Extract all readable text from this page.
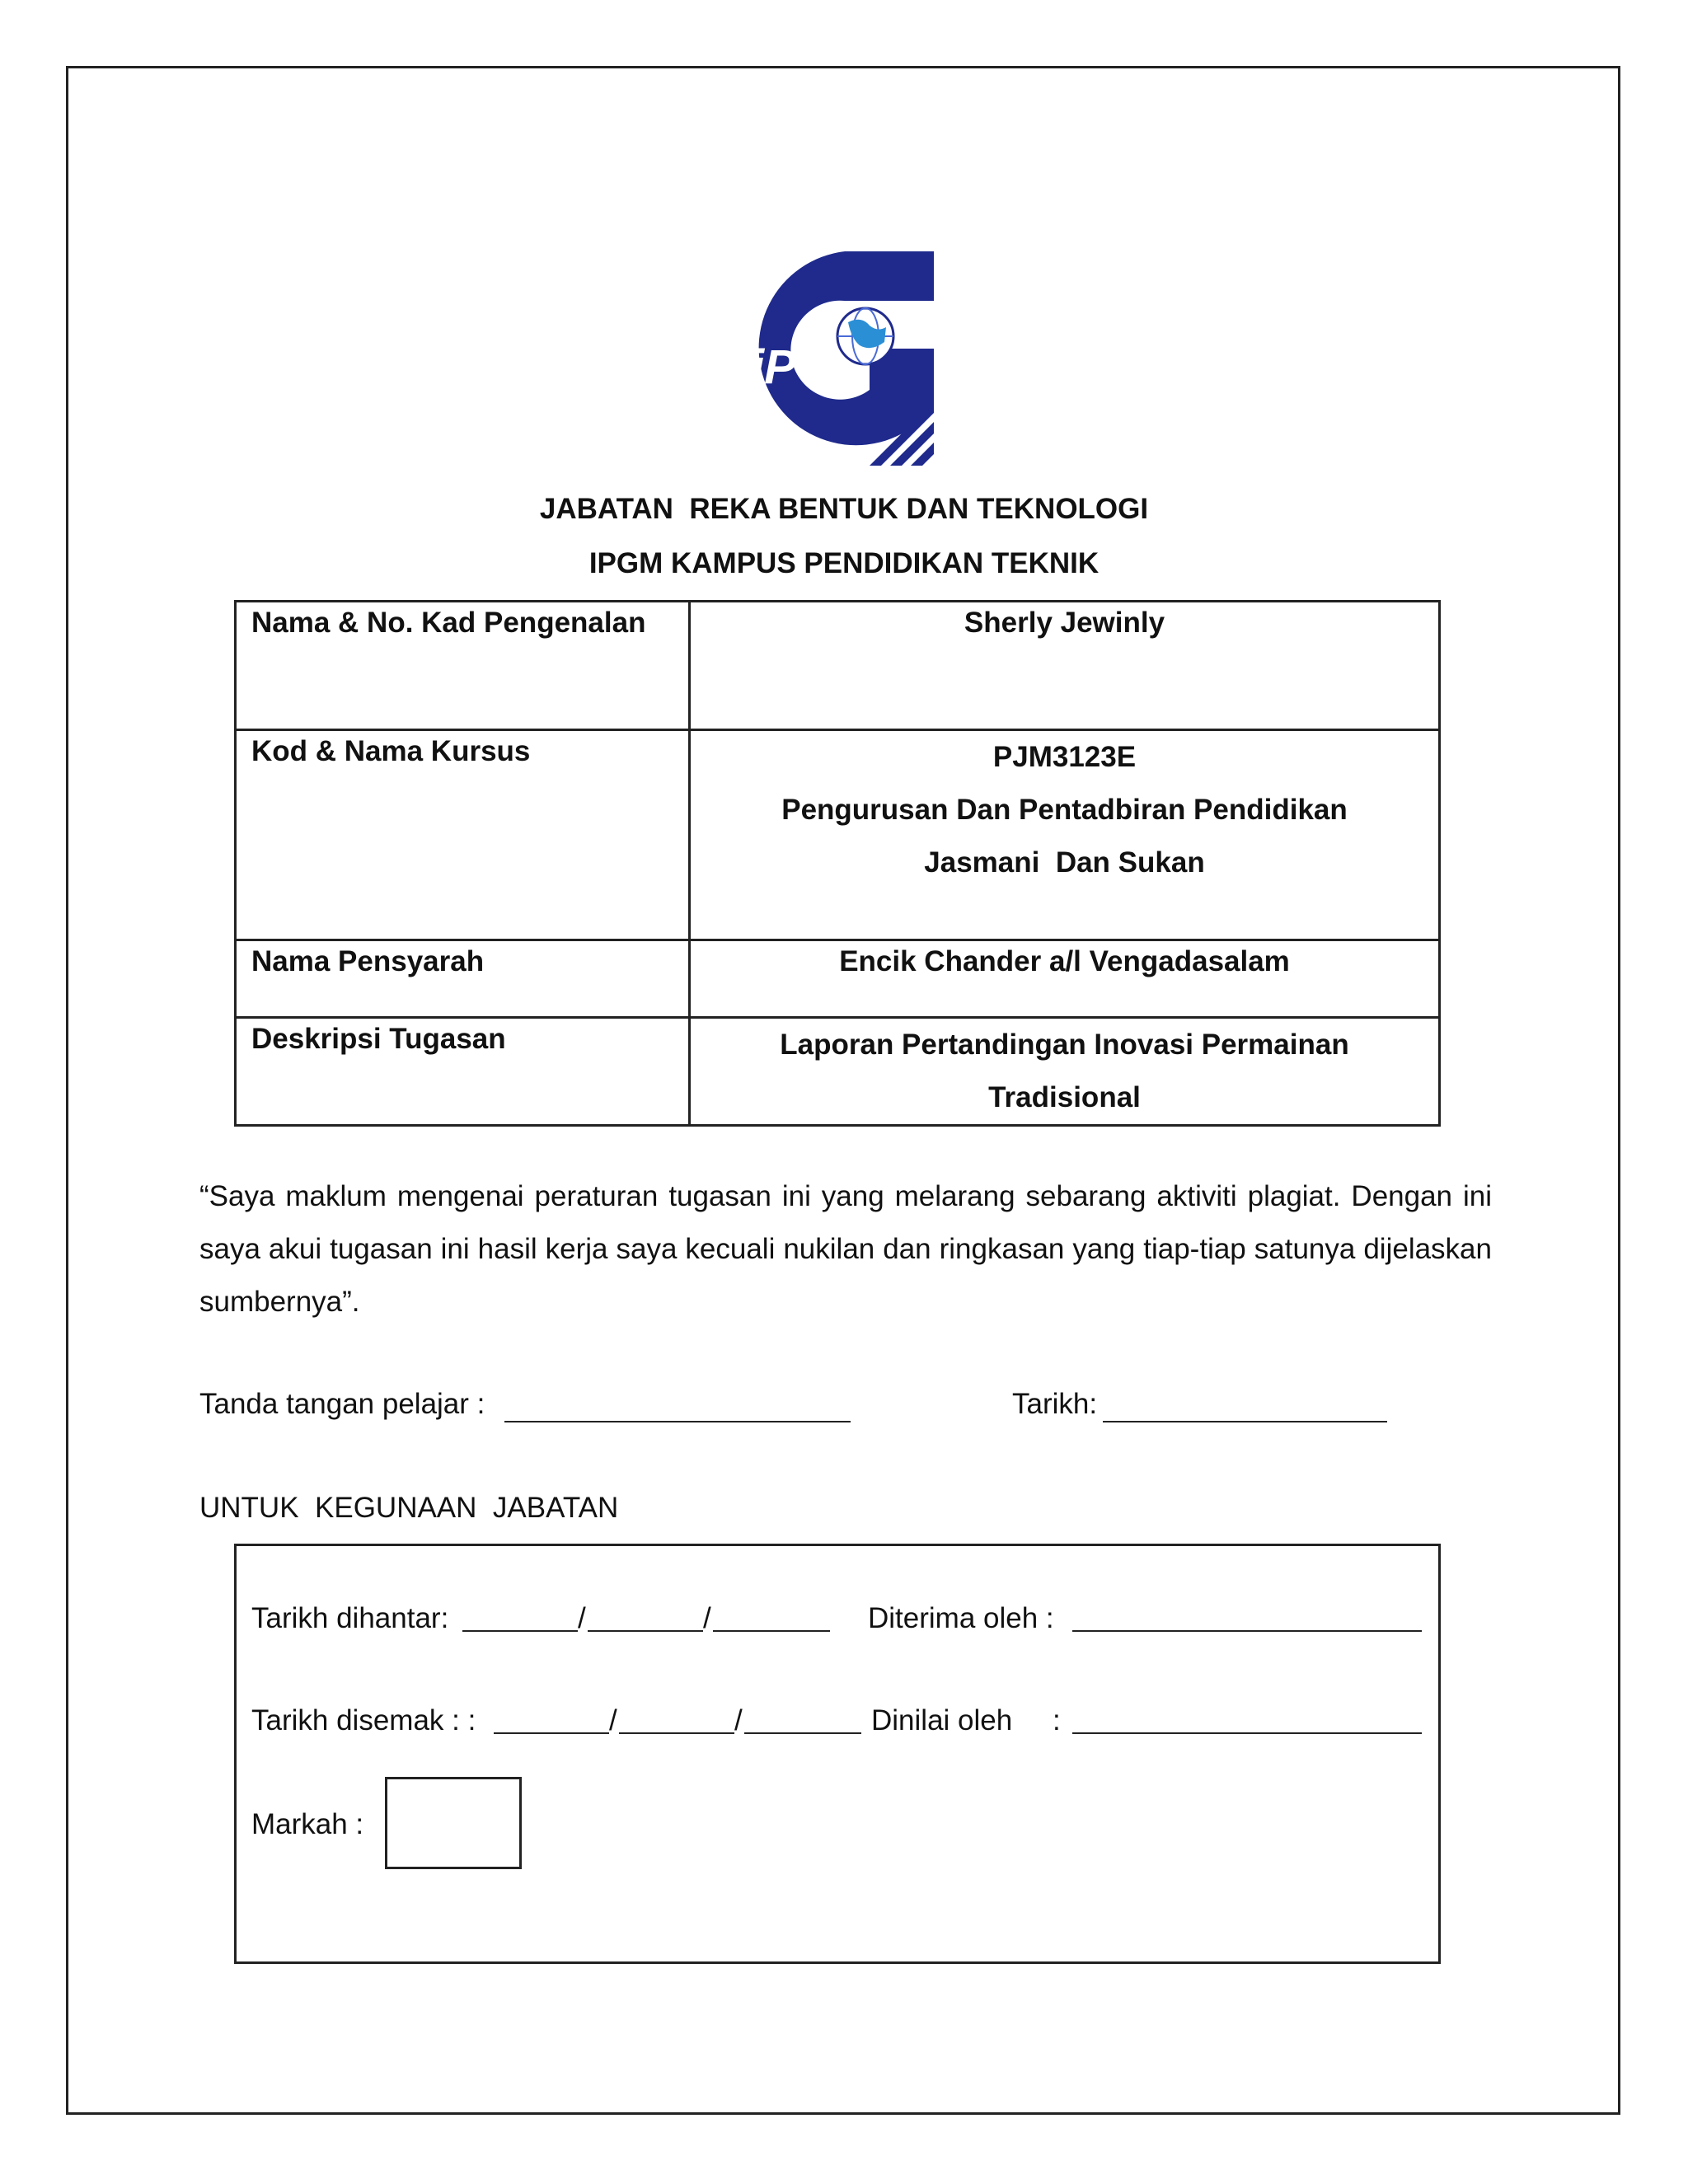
iPG
JABATAN  REKA BENTUK DAN TEKNOLOGI
IPGM KAMPUS PENDIDIKAN TEKNIK
Nama & No. Kad Pengenalan	Sherly Jewinly
Kod & Nama Kursus	PJM3123E
Pengurusan Dan Pentadbiran Pendidikan
Jasmani  Dan Sukan

Nama Pensyarah	Encik Chander a/l Vengadasalam
Deskripsi Tugasan	Laporan Pertandingan Inovasi Permainan
Tradisional
“Saya maklum mengenai peraturan tugasan ini yang melarang sebarang aktiviti plagiat. Dengan ini saya akui tugasan ini hasil kerja saya kecuali nukilan dan ringkasan yang tiap-tiap satunya dijelaskan sumbernya”.
Tanda tangan pelajar :	Tarikh:
UNTUK  KEGUNAAN  JABATAN
Tarikh dihantar:	/	/	Diterima oleh :
Tarikh disemak : :	/	/	Dinilai oleh :
Markah :
